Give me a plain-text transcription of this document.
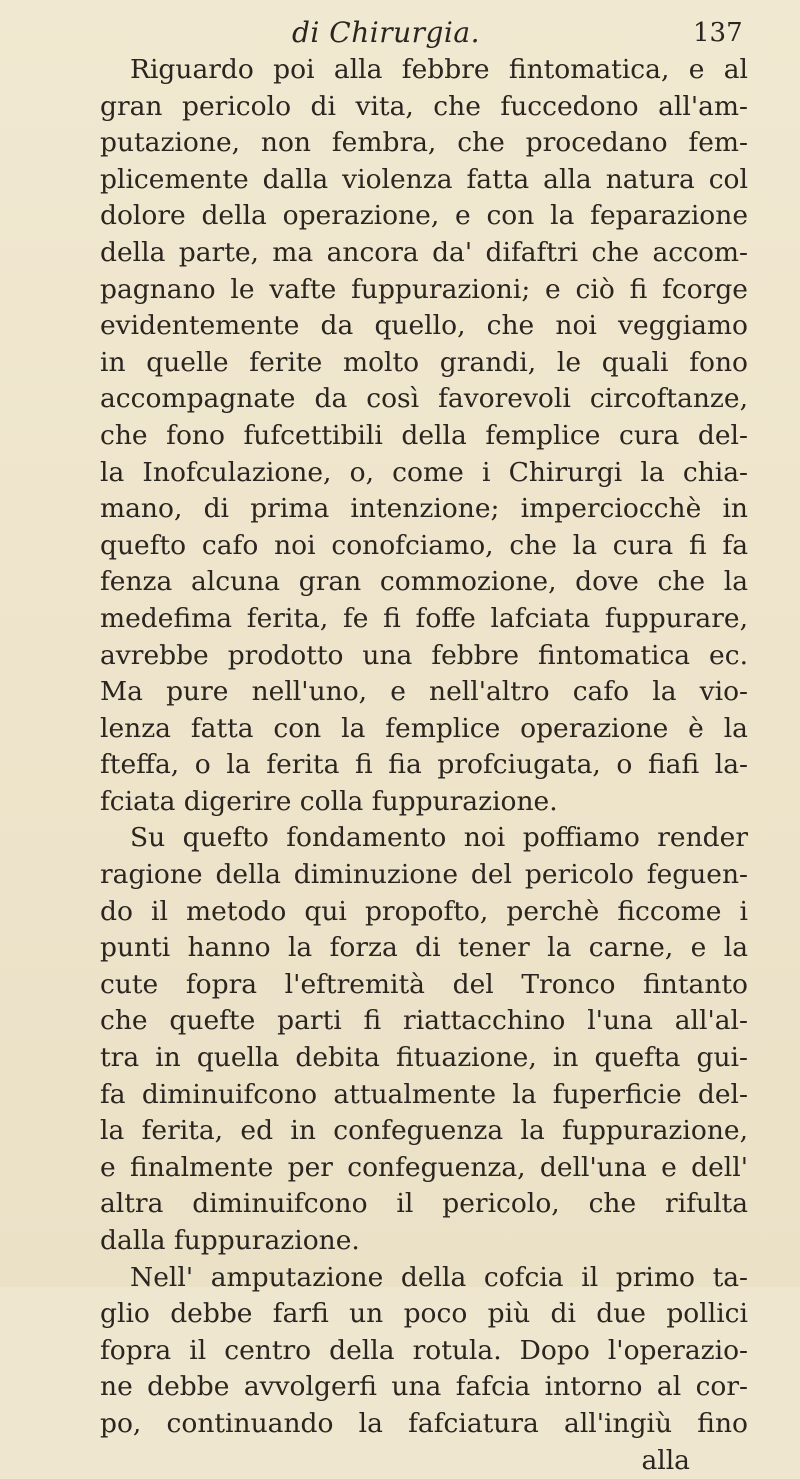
di Chirurgia.	137
Riguardo poi alla febbre fintomatica, e al
gran pericolo di vita, che fuccedono all'am-
putazione, non fembra, che procedano fem-
plicemente dalla violenza fatta alla natura col
dolore della operazione, e con la feparazione
della parte, ma ancora da' difaftri che accom-
pagnano le vafte fuppurazioni; e ciò fi fcorge
evidentemente da quello, che noi veggiamo
in quelle ferite molto grandi, le quali fono
accompagnate da così favorevoli circoftanze,
che fono fufcettibili della femplice cura del-
la Inofculazione, o, come i Chirurgi la chia-
mano, di prima intenzione; imperciocchè in
quefto cafo noi conofciamo, che la cura fi fa
fenza alcuna gran commozione, dove che la
medefima ferita, fe fi foffe lafciata fuppurare,
avrebbe prodotto una febbre fintomatica ec.
Ma pure nell'uno, e nell'altro cafo la vio-
lenza fatta con la femplice operazione è la
fteffa, o la ferita fi fia profciugata, o fiafi la-
fciata digerire colla fuppurazione.
Su quefto fondamento noi poffiamo render
ragione della diminuzione del pericolo feguen-
do il metodo qui propofto, perchè ficcome i
punti hanno la forza di tener la carne, e la
cute fopra l'eftremità del Tronco fintanto
che quefte parti fi riattacchino l'una all'al-
tra in quella debita fituazione, in quefta gui-
fa diminuifcono attualmente la fuperficie del-
la ferita, ed in confeguenza la fuppurazione,
e finalmente per confeguenza, dell'una e dell'
altra diminuifcono il pericolo, che rifulta
dalla fuppurazione.
Nell' amputazione della cofcia il primo ta-
glio debbe farfi un poco più di due pollici
fopra il centro della rotula. Dopo l'operazio-
ne debbe avvolgerfi una fafcia intorno al cor-
po, continuando la fafciatura all'ingiù fino
alla
